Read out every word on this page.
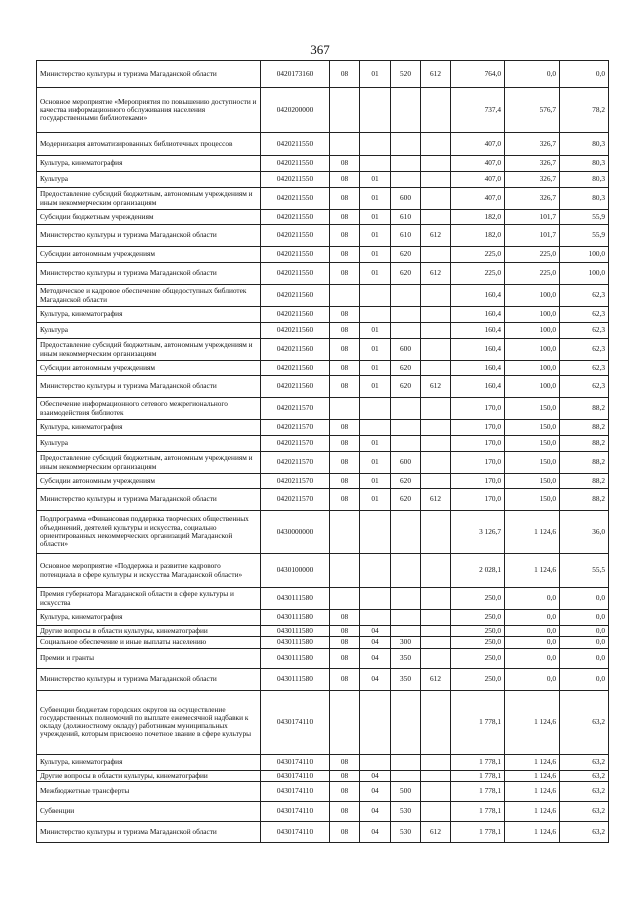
367
Министерство культуры и туризма Магаданской области	0420173160	08	01	520	612	764,0	0,0	0,0
Основное мероприятие «Мероприятия по повышению доступности и качества информационного обслуживания населения государственными библиотеками»	0420200000					737,4	576,7	78,2
Модернизация автоматизированных библиотечных процессов	0420211550					407,0	326,7	80,3
Культура, кинематография	0420211550	08				407,0	326,7	80,3
Культура	0420211550	08	01			407,0	326,7	80,3
Предоставление субсидий бюджетным, автономным учреждениям и иным некоммерческим организациям	0420211550	08	01	600		407,0	326,7	80,3
Субсидии бюджетным учреждениям	0420211550	08	01	610		182,0	101,7	55,9
Министерство культуры и туризма Магаданской области	0420211550	08	01	610	612	182,0	101,7	55,9
Субсидии автономным учреждениям	0420211550	08	01	620		225,0	225,0	100,0
Министерство культуры и туризма Магаданской области	0420211550	08	01	620	612	225,0	225,0	100,0
Методическое и кадровое обеспечение общедоступных библиотек Магаданской области	0420211560					160,4	100,0	62,3
Культура, кинематография	0420211560	08				160,4	100,0	62,3
Культура	0420211560	08	01			160,4	100,0	62,3
Предоставление субсидий бюджетным, автономным учреждениям и иным некоммерческим организациям	0420211560	08	01	600		160,4	100,0	62,3
Субсидии автономным учреждениям	0420211560	08	01	620		160,4	100,0	62,3
Министерство культуры и туризма Магаданской области	0420211560	08	01	620	612	160,4	100,0	62,3
Обеспечение информационного сетевого межрегионального взаимодействия библиотек	0420211570					170,0	150,0	88,2
Культура, кинематография	0420211570	08				170,0	150,0	88,2
Культура	0420211570	08	01			170,0	150,0	88,2
Предоставление субсидий бюджетным, автономным учреждениям и иным некоммерческим организациям	0420211570	08	01	600		170,0	150,0	88,2
Субсидии автономным учреждениям	0420211570	08	01	620		170,0	150,0	88,2
Министерство культуры и туризма Магаданской области	0420211570	08	01	620	612	170,0	150,0	88,2
Подпрограмма «Финансовая поддержка творческих общественных объединений, деятелей культуры и искусства, социально ориентированных некоммерческих организаций Магаданской области»	0430000000					3 126,7	1 124,6	36,0
Основное мероприятие «Поддержка и развитие кадрового потенциала в сфере культуры и искусства Магаданской области»	0430100000					2 028,1	1 124,6	55,5
Премия губернатора Магаданской области в сфере культуры и искусства	0430111580					250,0	0,0	0,0
Культура, кинематография	0430111580	08				250,0	0,0	0,0
Другие вопросы в области культуры, кинематографии	0430111580	08	04			250,0	0,0	0,0
Социальное обеспечение и иные выплаты населению	0430111580	08	04	300		250,0	0,0	0,0
Премии и гранты	0430111580	08	04	350		250,0	0,0	0,0
Министерство культуры и туризма Магаданской области	0430111580	08	04	350	612	250,0	0,0	0,0
Субвенции бюджетам городских округов на осуществление государственных полномочий по выплате ежемесячной надбавки к окладу (должностному окладу) работникам муниципальных учреждений, которым присвоено почетное звание в сфере культуры	0430174110					1 778,1	1 124,6	63,2
Культура, кинематография	0430174110	08				1 778,1	1 124,6	63,2
Другие вопросы в области культуры, кинематографии	0430174110	08	04			1 778,1	1 124,6	63,2
Межбюджетные трансферты	0430174110	08	04	500		1 778,1	1 124,6	63,2
Субвенции	0430174110	08	04	530		1 778,1	1 124,6	63,2
Министерство культуры и туризма Магаданской области	0430174110	08	04	530	612	1 778,1	1 124,6	63,2
